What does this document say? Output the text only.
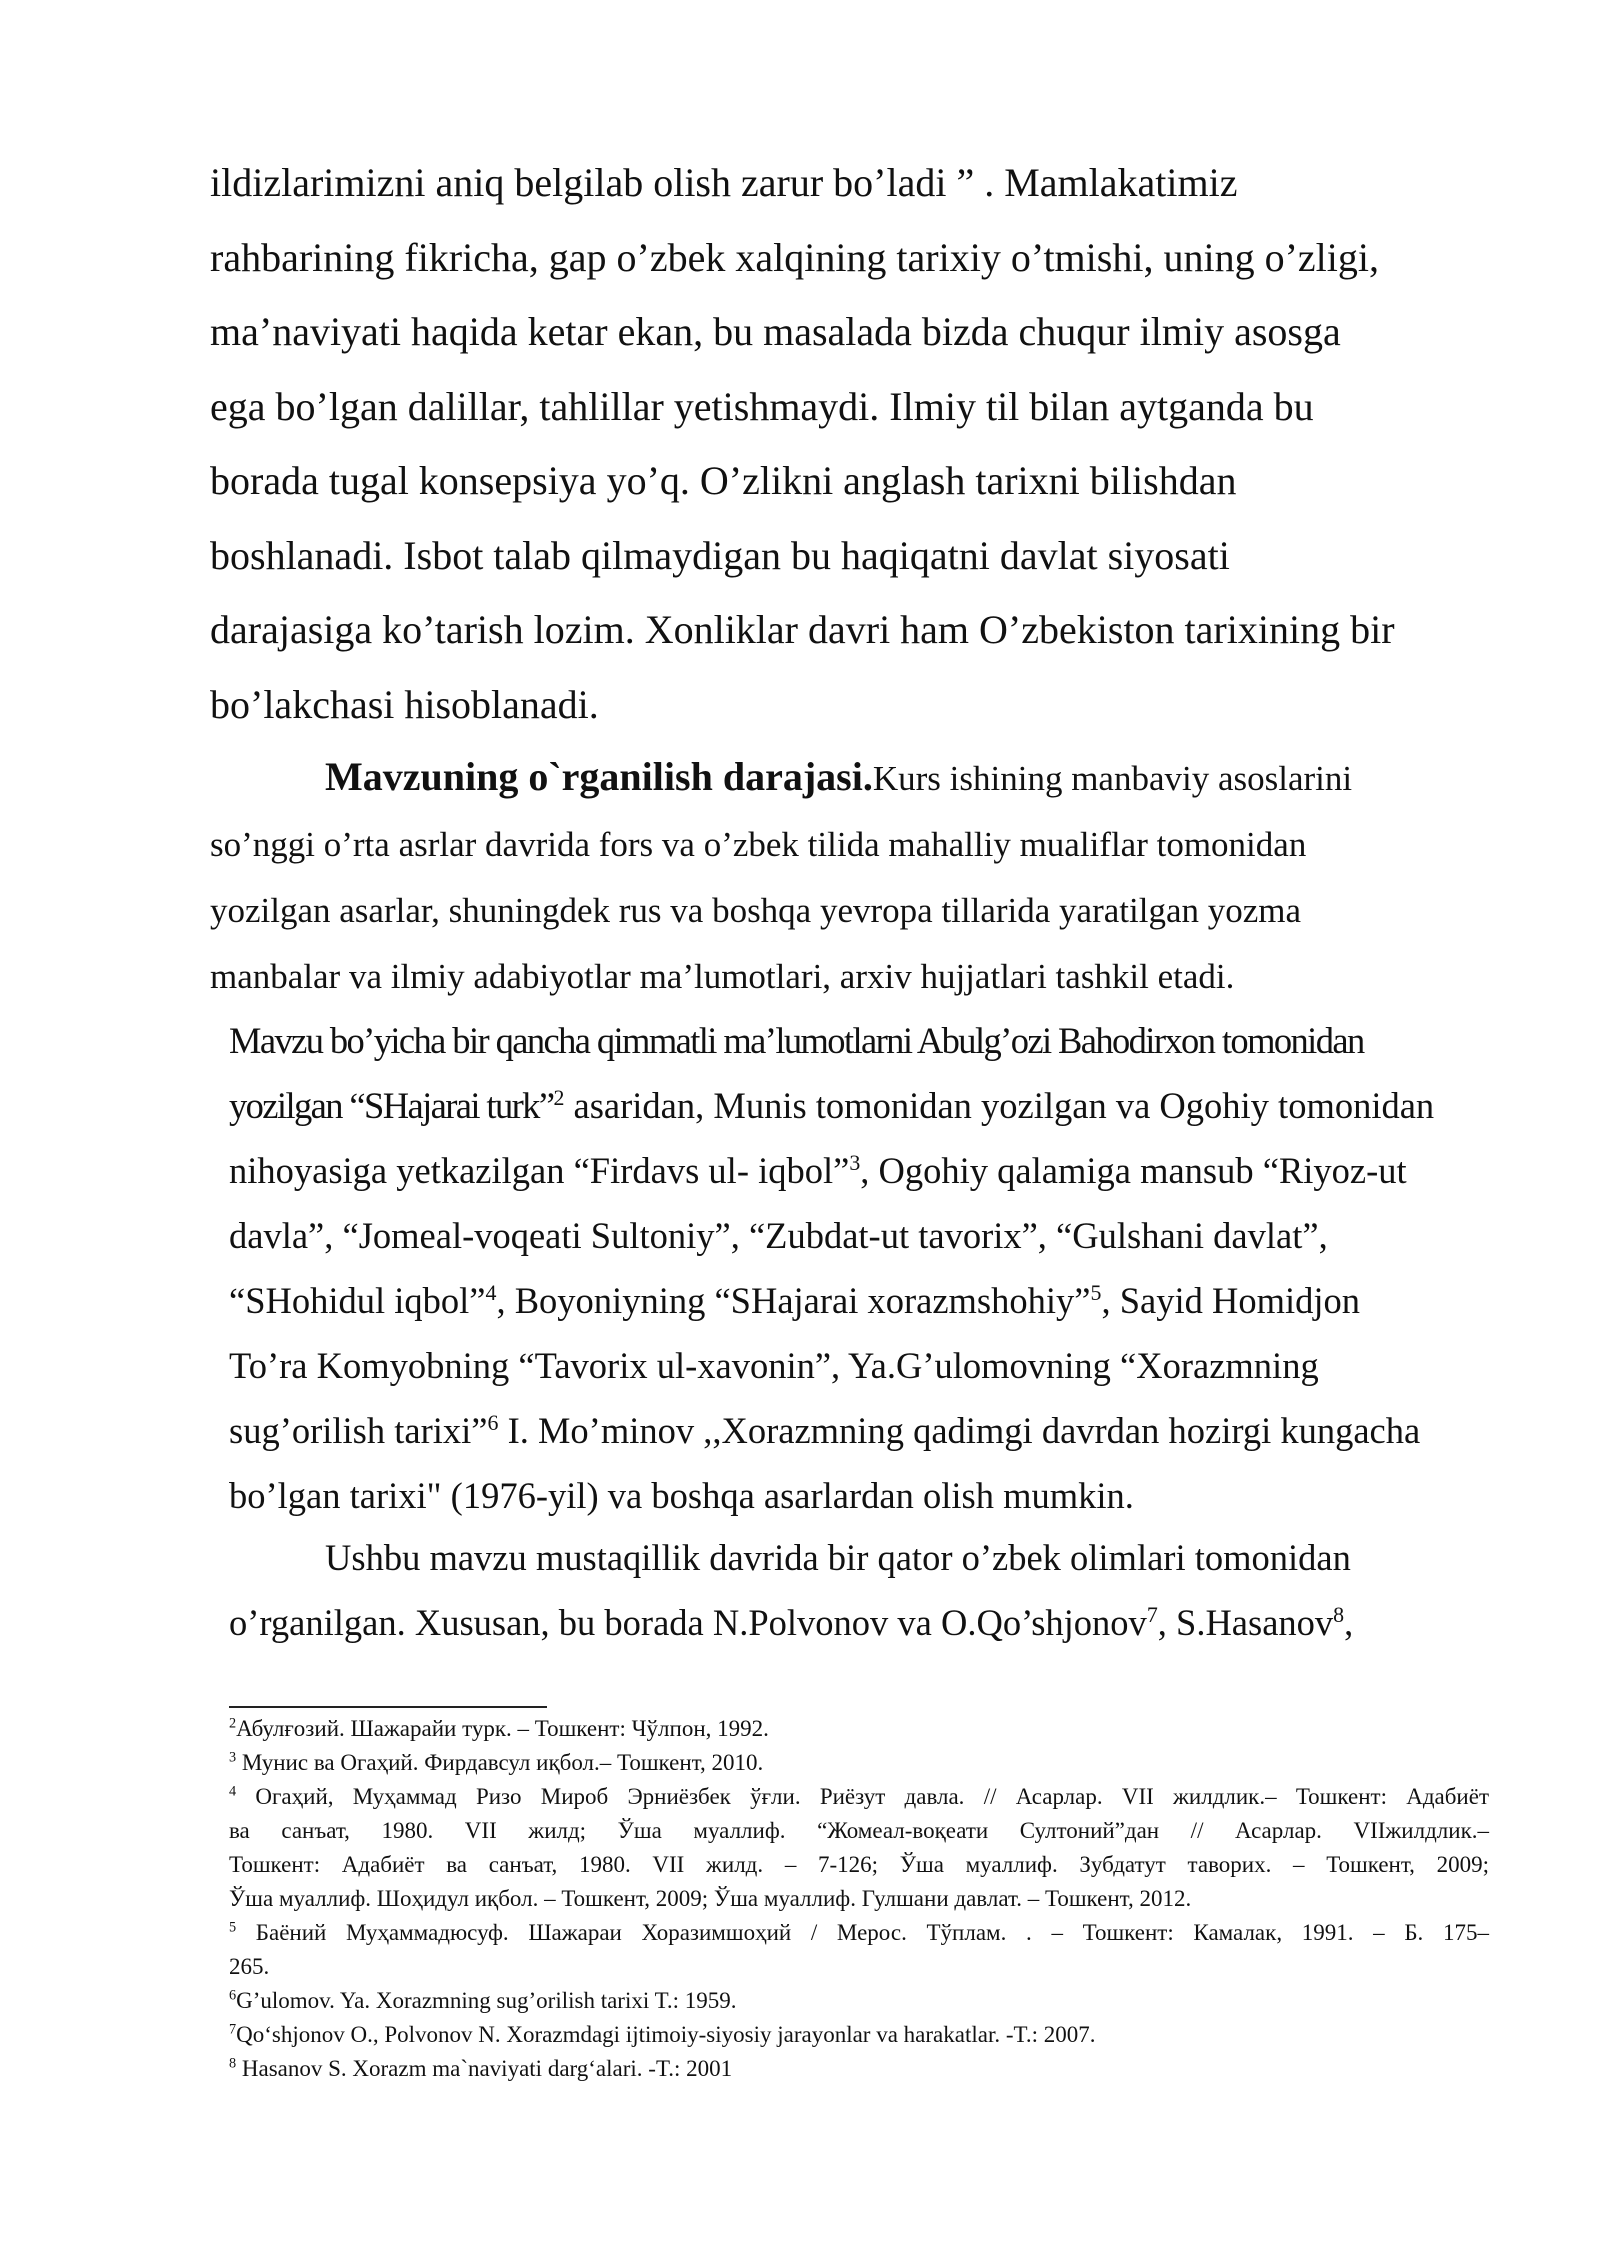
ildizlarimizni aniq belgilab olish zarur bo’ladi ” . Mamlakatimiz
rahbarining fikricha, gap o’zbek xalqining tarixiy o’tmishi, uning o’zligi,
ma’naviyati haqida ketar ekan, bu masalada bizda chuqur ilmiy asosga
ega bo’lgan dalillar, tahlillar yetishmaydi. Ilmiy til bilan aytganda bu
borada tugal konsepsiya yo’q. O’zlikni anglash tarixni bilishdan
boshlanadi. Isbot talab qilmaydigan bu haqiqatni davlat siyosati
darajasiga ko’tarish lozim. Xonliklar davri ham O’zbekiston tarixining bir
bo’lakchasi hisoblanadi.
Mavzuning o`rganilish darajasi.Kurs ishining manbaviy asoslarini
so’nggi o’rta asrlar davrida fors va o’zbek tilida mahalliy mualiflar tomonidan
yozilgan asarlar, shuningdek rus va boshqa yevropa tillarida yaratilgan yozma
manbalar va ilmiy adabiyotlar ma’lumotlari, arxiv hujjatlari tashkil etadi.
Mavzu bo’yicha bir qancha qimmatli ma’lumotlarni Abulg’ozi Bahodirxon tomonidan
yozilgan “SHajarai turk”$^2$ asaridan, Munis tomonidan yozilgan va Ogohiy tomonidan
nihoyasiga yetkazilgan “Firdavs ul- iqbol”$^3$, Ogohiy qalamiga mansub “Riyoz-ut
davla”, “Jomeal-voqeati Sultoniy”, “Zubdat-ut tavorix”, “Gulshani davlat”,
“SHohidul iqbol”$^4$, Boyoniyning “SHajarai xorazmshohiy”$^5$, Sayid Homidjon
To’ra Komyobning “Tavorix ul-xavonin”, Ya.G’ulomovning “Xorazmning
sug’orilish tarixi”$^6$ I. Mo’minov ,,Xorazmning qadimgi davrdan hozirgi kungacha
bo’lgan tarixi" (1976-yil) va boshqa asarlardan olish mumkin.
Ushbu mavzu mustaqillik davrida bir qator o’zbek olimlari tomonidan
o’rganilgan. Xususan, bu borada N.Polvonov va O.Qo’shjonov$^7$, S.Hasanov$^8$,
$^2$Абулғозий. Шажарайи турк. – Тошкент: Чўлпон, 1992.
$^3$ Мунис ва Огаҳий. Фирдавсул иқбол.– Тошкент, 2010.
$^4$ Огаҳий, Муҳаммад Ризо Мироб Эрниёзбек ўғли. Риёзут давла. // Асарлар. VII жилдлик.– Тошкент: Адабиёт
ва санъат, 1980. VII жилд; Ўша муаллиф. “Жомеал-воқеати Султоний”дан // Асарлар. VIIжилдлик.–
Тошкент: Адабиёт ва санъат, 1980. VII жилд. – 7-126; Ўша муаллиф. Зубдатут таворих. – Тошкент, 2009;
Ўша муаллиф. Шоҳидул иқбол. – Тошкент, 2009; Ўша муаллиф. Гулшани давлат. – Тошкент, 2012.
$^5$ Баёний Муҳаммадюсуф. Шажараи Хоразимшоҳий / Мерос. Тўплам. . – Тошкент: Камалак, 1991. – Б. 175–
265.
$^6$G’ulomov. Ya. Xorazmning sug’orilish tarixi T.: 1959.
$^7$Qo‘shjonov O., Polvonov N. Xorazmdagi ijtimoiy-siyosiy jarayonlar va harakatlar. -T.: 2007.
$^8$ Hasanov S. Xorazm ma`naviyati darg‘alari. -T.: 2001
